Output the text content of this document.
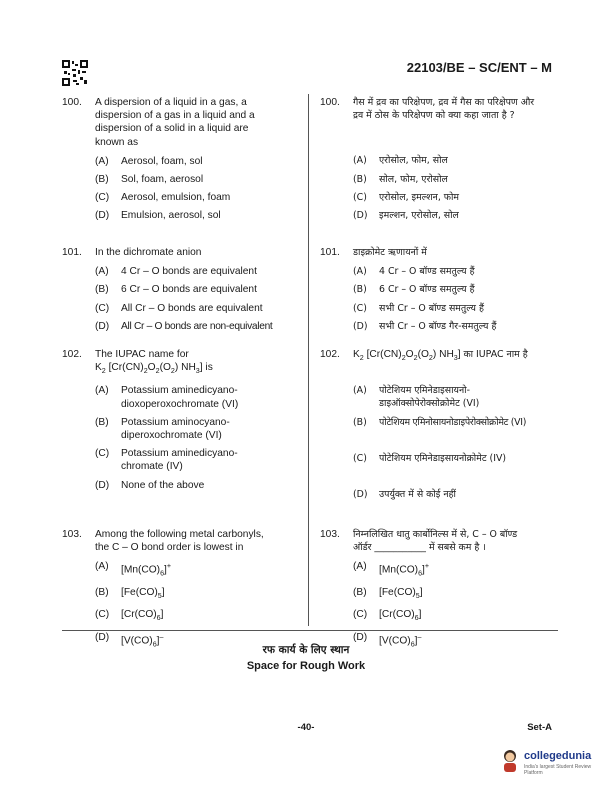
22103/BE – SC/ENT – M
100.	A dispersion of a liquid in a gas, a
dispersion of a gas in a liquid and a
dispersion of a solid in a liquid are
known as
(A)	Aerosol, foam, sol
(B)	Sol, foam, aerosol
(C)	Aerosol, emulsion, foam
(D)	Emulsion, aerosol, sol
101.	In the dichromate anion
(A)	4 Cr – O bonds are equivalent
(B)	6 Cr – O bonds are equivalent
(C)	All Cr – O bonds are equivalent
(D)	All Cr – O bonds are non-equivalent
102.	The IUPAC name for
$K_2$ [$Cr(CN)_2O_2(O_2)$ $NH_3$] is
(A)	Potassium aminedicyano-
dioxoperoxochromate (VI)
(B)	Potassium aminocyano-
diperoxochromate (VI)
(C)	Potassium aminedicyano-
chromate (IV)
(D)	None of the above
103.	Among the following metal carbonyls,
the C – O bond order is lowest in
(A)	$[Mn(CO)_6]^+$
(B)	$[Fe(CO)_5]$
(C)	$[Cr(CO)_6]$
(D)	$[V(CO)_6]^-$
100.	गैस में द्रव का परिक्षेपण, द्रव में गैस का परिक्षेपण और
द्रव में ठोस के परिक्षेपण को क्या कहा जाता है ?
(A)	एरोसोल, फोम, सोल
(B)	सोल, फोम, एरोसोल
(C)	एरोसोल, इमल्शन, फोम
(D)	इमल्शन, एरोसोल, सोल
101.	डाइक्रोमेट ऋणायनों में
(A)	4 Cr – O बॉण्ड समतुल्य हैं
(B)	6 Cr – O बॉण्ड समतुल्य हैं
(C)	सभी Cr – O बॉण्ड समतुल्य हैं
(D)	सभी Cr – O बॉण्ड गैर-समतुल्य हैं
102.	$K_2$ [$Cr(CN)_2O_2(O_2)$ $NH_3$] का IUPAC नाम है
(A)	पोटेशियम एमिनेडाइसायनो-
डाइऑक्सोपेरोक्सोक्रोमेट (VI)
(B)	पोटेशियम एमिनोसायनोडाइपेरोक्सोक्रोमेट (VI)
(C)	पोटेशियम एमिनेडाइसायनोक्रोमेट (IV)
(D)	उपर्युक्त में से कोई नहीं
103.	निम्नलिखित धातु कार्बोनिल्स में से, C – O बॉण्ड
ऑर्डर ___________ में सबसे कम है ।
(A)	$[Mn(CO)_6]^+$
(B)	$[Fe(CO)_5]$
(C)	$[Cr(CO)_6]$
(D)	$[V(CO)_6]^-$
रफ कार्य के लिए स्थान
Space for Rough Work
-40-	Set-A
collegedunia
India's largest Student Review Platform
